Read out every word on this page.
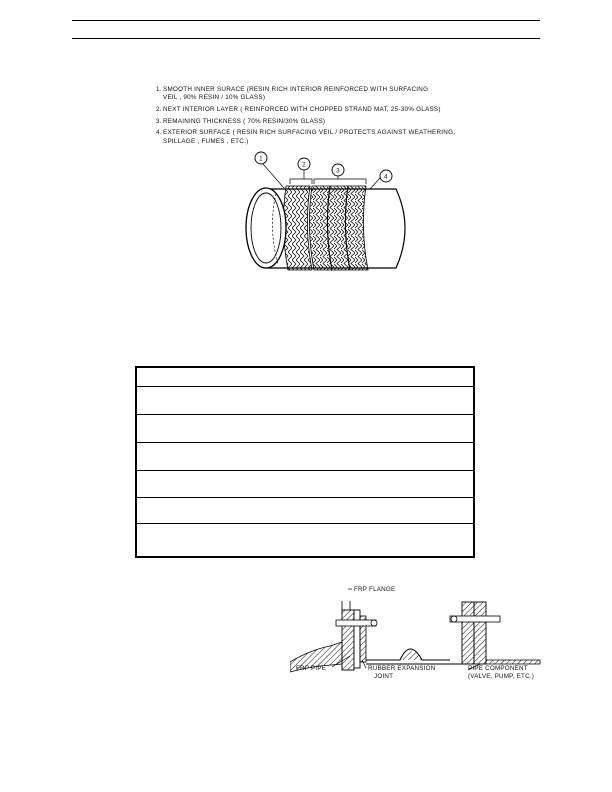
1. SMOOTH INNER SURACE (RESIN RICH INTERIOR REINFORCED WITH SURFACING
VEIL , 90% RESIN / 10% GLASS)
2. NEXT INTERIOR LAYER ( REINFORCED WITH CHOPPED STRAND MAT, 25-30% GLASS)
3. REMAINING THICKNESS ( 70% RESIN/30% GLASS)
4. EXTERIOR SURFACE ( RESIN RICH SURFACING VEIL / PROTECTS AGAINST WEATHERING,
SPILLAGE , FUMES , ETC.)
1
2
3
4
FRP FLANGE
FRP PIPE	RUBBER EXPANSION
JOINT
PIPE COMPONENT
(VALVE, PUMP, ETC.)
